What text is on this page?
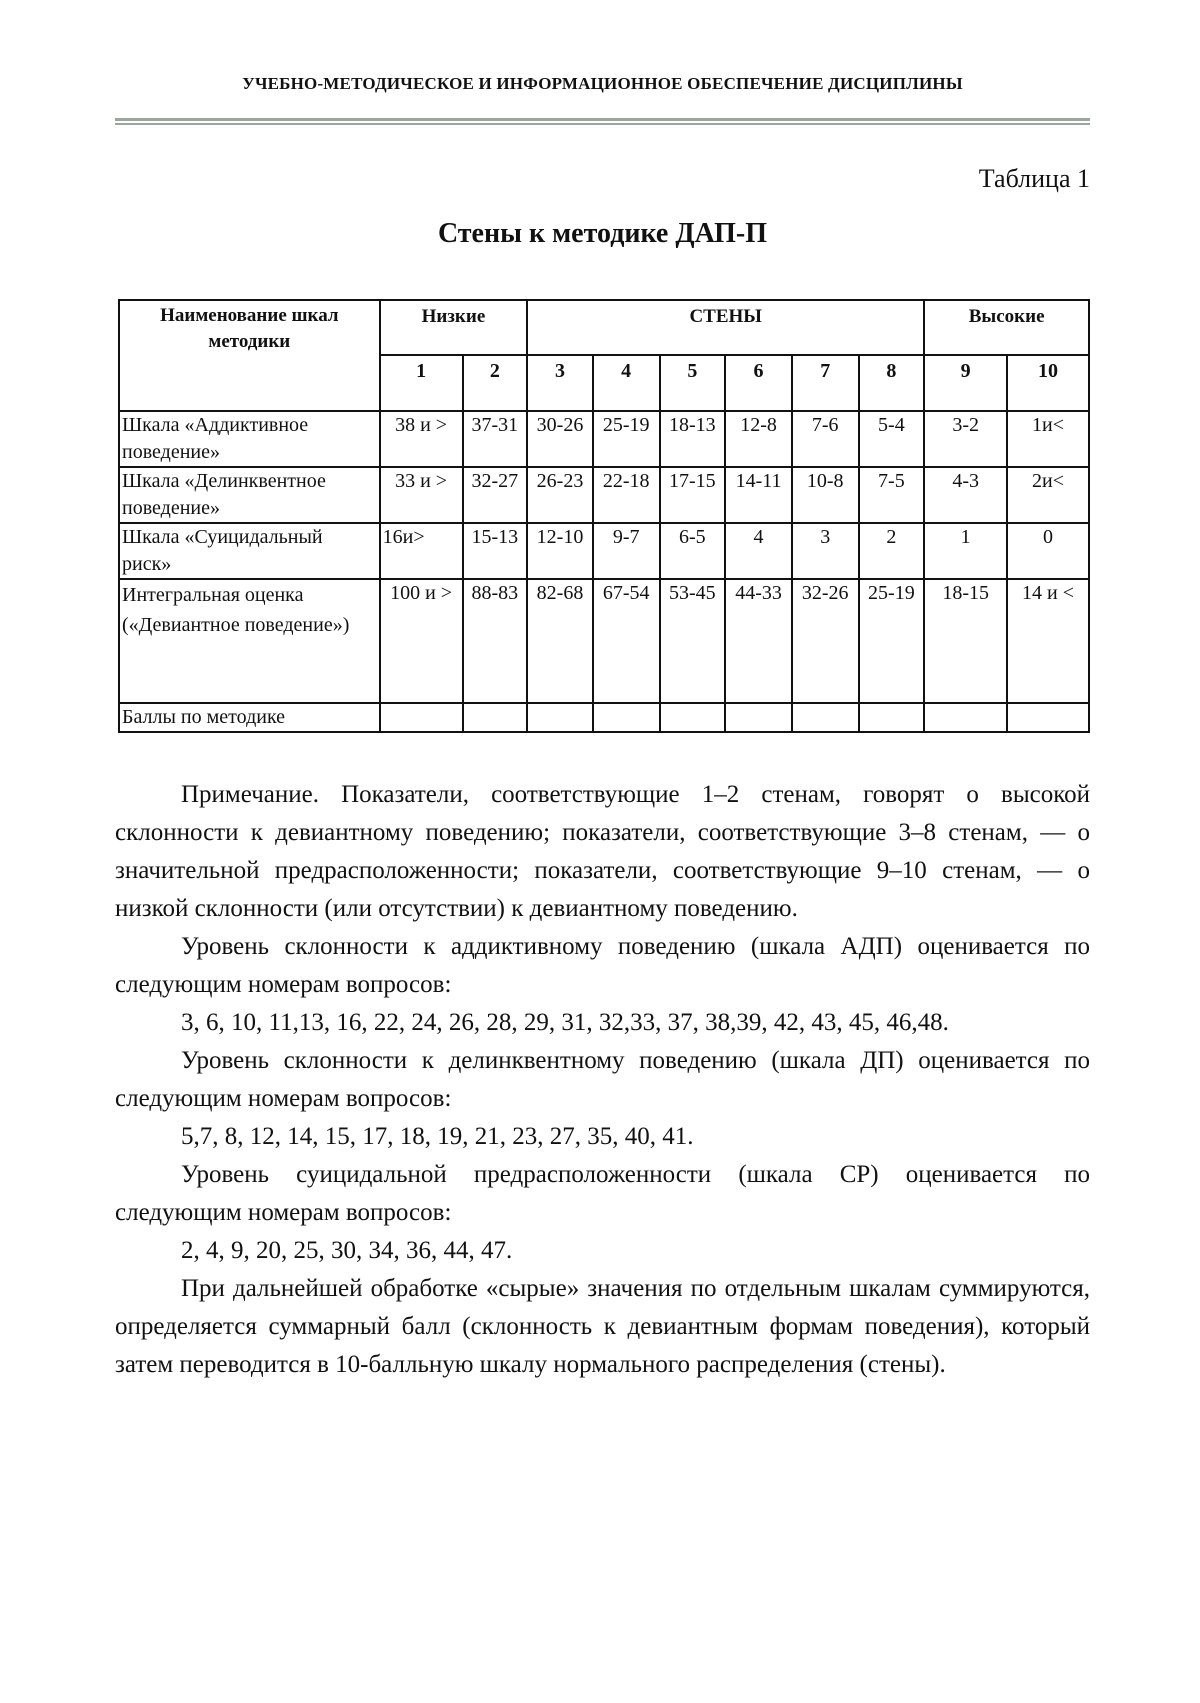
УЧЕБНО-МЕТОДИЧЕСКОЕ И ИНФОРМАЦИОННОЕ ОБЕСПЕЧЕНИЕ ДИСЦИПЛИНЫ
Таблица 1
Стены к методике ДАП-П
Наименование шкал методики	Низкие		СТЕНЫ						Высокие	
	1	2	3	4	5	6	7	8	9	10
Шкала «Аддиктивное поведение»	38 и >	37-31	30-26	25-19	18-13	12-8	7-6	5-4	3-2	1и<
Шкала «Делинквентное поведение»	33 и >	32-27	26-23	22-18	17-15	14-11	10-8	7-5	4-3	2и<
Шкала «Суицидальный риск»	16и>	15-13	12-10	9-7	6-5	4	3	2	1	0
Интегральная оценка («Девиантное поведение»)	100 и >	88-83	82-68	67-54	53-45	44-33	32-26	25-19	18-15	14 и <
Баллы по методике										

Примечание. Показатели, соответствующие 1–2 стенам, говорят о высокой склонности к девиантному поведению; показатели, соответствующие 3–8 стенам, — о значительной предрасположенности; показатели, соответствующие 9–10 стенам, — о низкой склонности (или отсутствии) к девиантному поведению.

Уровень склонности к аддиктивному поведению (шкала АДП) оценивается по следующим номерам вопросов:

3, 6, 10, 11,13, 16, 22, 24, 26, 28, 29, 31, 32,33, 37, 38,39, 42, 43, 45, 46,48.

Уровень склонности к делинквентному поведению (шкала ДП) оценивается по следующим номерам вопросов:

5,7, 8, 12, 14, 15, 17, 18, 19, 21, 23, 27, 35, 40, 41.

Уровень суицидальной предрасположенности (шкала СР) оценивается по следующим номерам вопросов:

2, 4, 9, 20, 25, 30, 34, 36, 44, 47.

При дальнейшей обработке «сырые» значения по отдельным шкалам суммируются, определяется суммарный балл (склонность к девиантным формам поведения), который затем переводится в 10-балльную шкалу нормального распределения (стены).
